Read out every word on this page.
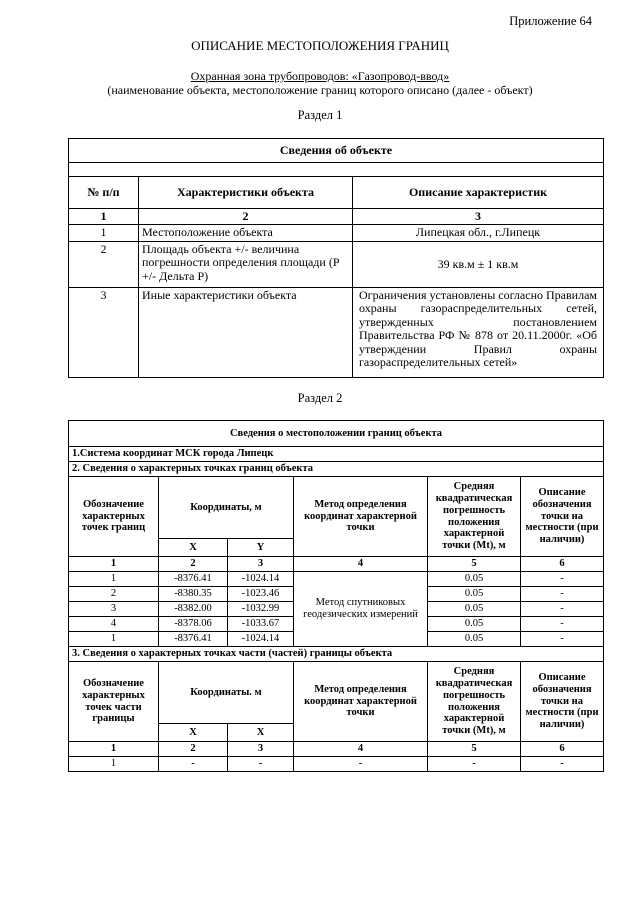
Приложение 64
ОПИСАНИЕ МЕСТОПОЛОЖЕНИЯ ГРАНИЦ
Охранная зона трубопроводов: «Газопровод-ввод»
(наименование объекта, местоположение границ которого описано (далее - объект)
Раздел 1
Сведения об объекте		

№ п/п	Характеристики объекта	Описание характеристик
1	2	3
1	Местоположение объекта	Липецкая обл., г.Липецк
2	Площадь объекта +/- величина погрешности определения площади (P +/- Дельта P)	39 кв.м ± 1 кв.м
3	Иные характеристики объекта	Ограничения установлены согласно Правилам охраны газораспределительных сетей, утвержденных постановлением Правительства РФ № 878 от 20.11.2000г. «Об утверждении Правил охраны газораспределительных сетей»
Раздел 2
Сведения о местоположении границ объекта					
1.Система координат МСК города Липецк					
2. Сведения о характерных точках границ объекта					
Обозначение характерных точек границ	Координаты, м		Метод определения координат характерной точки	Средняя квадратическая погрешность положения характерной точки (Mt), м	Описание обозначения точки на местности (при наличии)
	X	Y			
1	2	3	4	5	6
1	-8376.41	-1024.14	Метод спутниковых геодезических измерений	0.05	-
2	-8380.35	-1023.46		0.05	-
3	-8382.00	-1032.99		0.05	-
4	-8378.06	-1033.67		0.05	-
1	-8376.41	-1024.14		0.05	-
3. Сведения о характерных точках части (частей) границы объекта					
Обозначение характерных точек части границы	Координаты. м		Метод определения координат характерной точки	Средняя квадратическая погрешность положения характерной точки (Mt), м	Описание обозначения точки на местности (при наличии)
	X	X			
1	2	3	4	5	6
1	-	-	-	-	-
